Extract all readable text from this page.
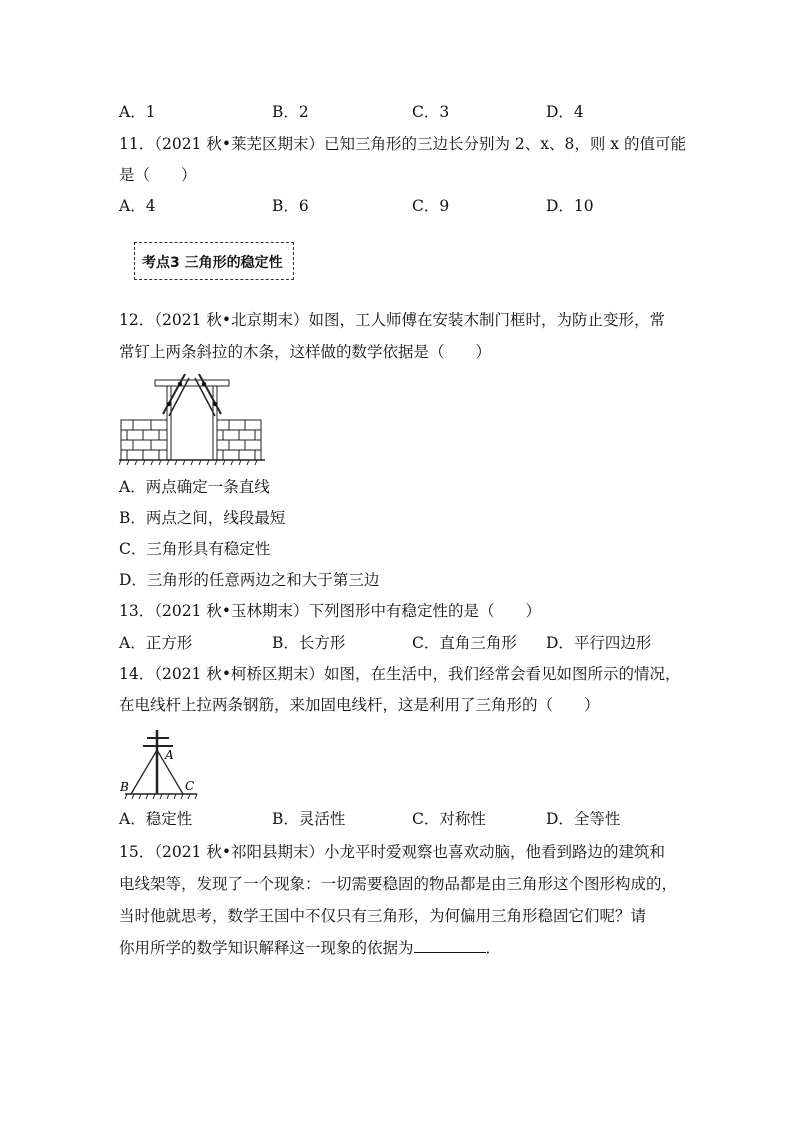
A．1	B．2	C．3	D．4
11．（2021 秋•莱芜区期末）已知三角形的三边长分别为 2、x、8，则 x 的值可能
是（　　）
A．4	B．6	C．9	D．10
考点3 三角形的稳定性
12．（2021 秋•北京期末）如图，工人师傅在安装木制门框时，为防止变形，常
常钉上两条斜拉的木条，这样做的数学依据是（　　）
A．两点确定一条直线
B．两点之间，线段最短
C．三角形具有稳定性
D．三角形的任意两边之和大于第三边
13．（2021 秋•玉林期末）下列图形中有稳定性的是（　　）
A．正方形	B．长方形	C．直角三角形 D．平行四边形
14．（2021 秋•柯桥区期末）如图，在生活中，我们经常会看见如图所示的情况，
在电线杆上拉两条钢筋，来加固电线杆，这是利用了三角形的（　　）
A
B	C
A．稳定性	B．灵活性	C．对称性	D．全等性
15．（2021 秋•祁阳县期末）小龙平时爱观察也喜欢动脑，他看到路边的建筑和
电线架等，发现了一个现象：一切需要稳固的物品都是由三角形这个图形构成的，
当时他就思考，数学王国中不仅只有三角形，为何偏用三角形稳固它们呢？请
你用所学的数学知识解释这一现象的依据为	．
